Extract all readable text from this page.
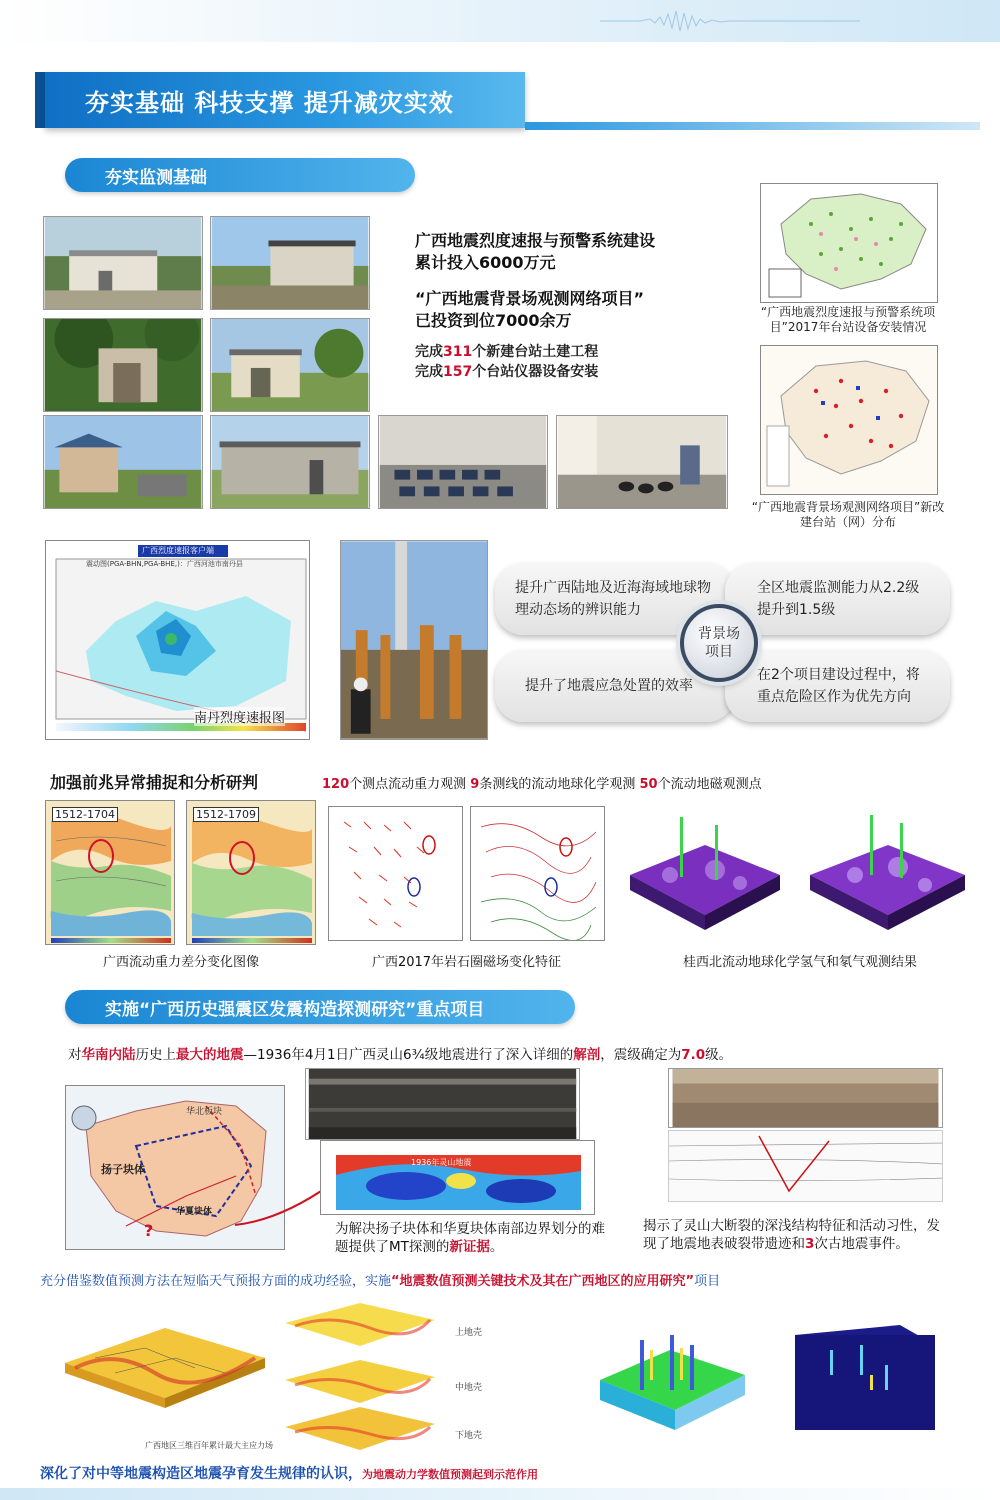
夯实基础 科技支撑 提升减灾实效
夯实监测基础
广西地震烈度速报与预警系统建设
累计投入6000万元
“广西地震背景场观测网络项目”
已投资到位7000余万
完成311个新建台站土建工程
完成157个台站仪器设备安装
“广西地震烈度速报与预警系统项目”2017年台站设备安装情况
“广西地震背景场观测网络项目”新改建台站（网）分布
广西烈度速报客户端
震动图(PGA-BHN,PGA-BHE,)：广西河池市南丹县
南丹烈度速报图
提升广西陆地及近海海域地球物理动态场的辨识能力
全区地震监测能力从2.2级提升到1.5级
提升了地震应急处置的效率
在2个项目建设过程中，将重点危险区作为优先方向
背景场项目
加强前兆异常捕捉和分析研判	120个测点流动重力观测 9条测线的流动地球化学观测 50个流动地磁观测点
1512-1704	1512-1709
广西流动重力差分变化图像	广西2017年岩石圈磁场变化特征	桂西北流动地球化学氢气和氡气观测结果
实施“广西历史强震区发震构造探测研究”重点项目
对华南内陆历史上最大的地震—1936年4月1日广西灵山6¾级地震进行了深入详细的解剖，震级确定为7.0级。
扬子块体
华夏块体
华北板块
?
1936年灵山地震
为解决扬子块体和华夏块体南部边界划分的难题提供了MT探测的新证据。
揭示了灵山大断裂的深浅结构特征和活动习性，发现了地震地表破裂带遗迹和3次古地震事件。
充分借鉴数值预测方法在短临天气预报方面的成功经验，实施“地震数值预测关键技术及其在广西地区的应用研究”项目
上地壳
中地壳
下地壳
广西地区三维百年累计最大主应力场
深化了对中等地震构造区地震孕育发生规律的认识，为地震动力学数值预测起到示范作用
